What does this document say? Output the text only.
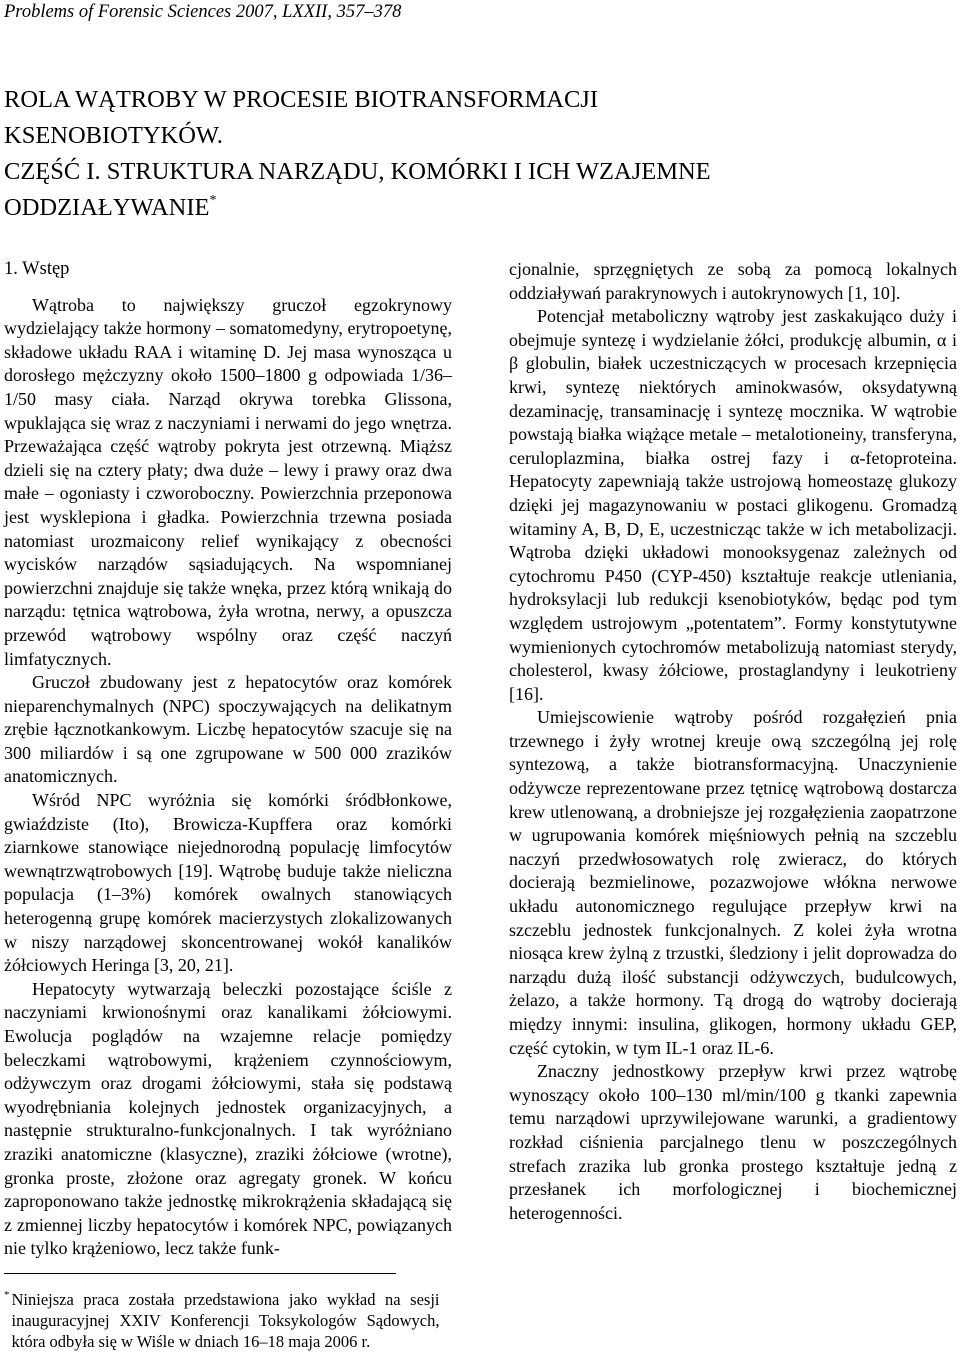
Problems of Forensic Sciences 2007, LXXII, 357–378
ROLA WĄTROBY W PROCESIE BIOTRANSFORMACJI
KSENOBIOTYKÓW.
CZĘŚĆ I. STRUKTURA NARZĄDU, KOMÓRKI I ICH WZAJEMNE
ODDZIAŁYWANIE*
1. Wstęp

Wątroba to największy gruczoł egzokrynowy wydzielający także hormony – somatomedyny, erytropoetynę, składowe układu RAA i witaminę D. Jej masa wynosząca u dorosłego mężczyzny około 1500–1800 g odpowiada 1/36–1/50 masy ciała. Narząd okrywa torebka Glissona, wpuklająca się wraz z naczyniami i nerwami do jego wnętrza. Przeważająca część wątroby pokryta jest otrzewną. Miąższ dzieli się na cztery płaty; dwa duże – lewy i prawy oraz dwa małe – ogoniasty i czworoboczny. Powierzchnia przeponowa jest wysklepiona i gładka. Powierzchnia trzewna posiada natomiast urozmaicony relief wynikający z obecności wycisków narządów sąsiadujących. Na wspomnianej powierzchni znajduje się także wnęka, przez którą wnikają do narządu: tętnica wątrobowa, żyła wrotna, nerwy, a opuszcza przewód wątrobowy wspólny oraz część naczyń limfatycznych.

Gruczoł zbudowany jest z hepatocytów oraz komórek nieparenchymalnych (NPC) spoczywających na delikatnym zrębie łącznotkankowym. Liczbę hepatocytów szacuje się na 300 miliardów i są one zgrupowane w 500 000 zrazików anatomicznych.

Wśród NPC wyróżnia się komórki śródbłonkowe, gwiaździste (Ito), Browicza-Kupffera oraz komórki ziarnkowe stanowiące niejednorodną populację limfocytów wewnątrzwątrobowych [19]. Wątrobę buduje także nieliczna populacja (1–3%) komórek owalnych stanowiących heterogenną grupę komórek macierzystych zlokalizowanych w niszy narządowej skoncentrowanej wokół kanalików żółciowych Heringa [3, 20, 21].

Hepatocyty wytwarzają beleczki pozostające ściśle z naczyniami krwionośnymi oraz kanalikami żółciowymi. Ewolucja poglądów na wzajemne relacje pomiędzy beleczkami wątrobowymi, krążeniem czynnościowym, odżywczym oraz drogami żółciowymi, stała się podstawą wyodrębniania kolejnych jednostek organizacyjnych, a następnie strukturalno-funkcjonalnych. I tak wyróżniano zraziki anatomiczne (klasyczne), zraziki żółciowe (wrotne), gronka proste, złożone oraz agregaty gronek. W końcu zaproponowano także jednostkę mikrokrążenia składającą się z zmiennej liczby hepatocytów i komórek NPC, powiązanych nie tylko krążeniowo, lecz także funk-

cjonalnie, sprzęgniętych ze sobą za pomocą lokalnych oddziaływań parakrynowych i autokrynowych [1, 10].

Potencjał metaboliczny wątroby jest zaskakująco duży i obejmuje syntezę i wydzielanie żółci, produkcję albumin, α i β globulin, białek uczestniczących w procesach krzepnięcia krwi, syntezę niektórych aminokwasów, oksydatywną dezaminację, transaminację i syntezę mocznika. W wątrobie powstają białka wiążące metale – metalotioneiny, transferyna, ceruloplazmina, białka ostrej fazy i α-fetoproteina. Hepatocyty zapewniają także ustrojową homeostazę glukozy dzięki jej magazynowaniu w postaci glikogenu. Gromadzą witaminy A, B, D, E, uczestnicząc także w ich metabolizacji. Wątroba dzięki układowi monooksygenaz zależnych od cytochromu P450 (CYP-450) kształtuje reakcje utleniania, hydroksylacji lub redukcji ksenobiotyków, będąc pod tym względem ustrojowym „potentatem”. Formy konstytutywne wymienionych cytochromów metabolizują natomiast sterydy, cholesterol, kwasy żółciowe, prostaglandyny i leukotrieny [16].

Umiejscowienie wątroby pośród rozgałęzień pnia trzewnego i żyły wrotnej kreuje ową szczególną jej rolę syntezową, a także biotransformacyjną. Unaczynienie odżywcze reprezentowane przez tętnicę wątrobową dostarcza krew utlenowaną, a drobniejsze jej rozgałęzienia zaopatrzone w ugrupowania komórek mięśniowych pełnią na szczeblu naczyń przedwłosowatych rolę zwieracz, do których docierają bezmielinowe, pozazwojowe włókna nerwowe układu autonomicznego regulujące przepływ krwi na szczeblu jednostek funkcjonalnych. Z kolei żyła wrotna niosąca krew żylną z trzustki, śledziony i jelit doprowadza do narządu dużą ilość substancji odżywczych, budulcowych, żelazo, a także hormony. Tą drogą do wątroby docierają między innymi: insulina, glikogen, hormony układu GEP, część cytokin, w tym IL-1 oraz IL-6.

Znaczny jednostkowy przepływ krwi przez wątrobę wynoszący około 100–130 ml/min/100 g tkanki zapewnia temu narządowi uprzywilejowane warunki, a gradientowy rozkład ciśnienia parcjalnego tlenu w poszczególnych strefach zrazika lub gronka prostego kształtuje jedną z przesłanek ich morfologicznej i biochemicznej heterogenności.

* Niniejsza praca została przedstawiona jako wykład na sesji inauguracyjnej XXIV Konferencji Toksykologów Sądowych, która odbyła się w Wiśle w dniach 16–18 maja 2006 r.
